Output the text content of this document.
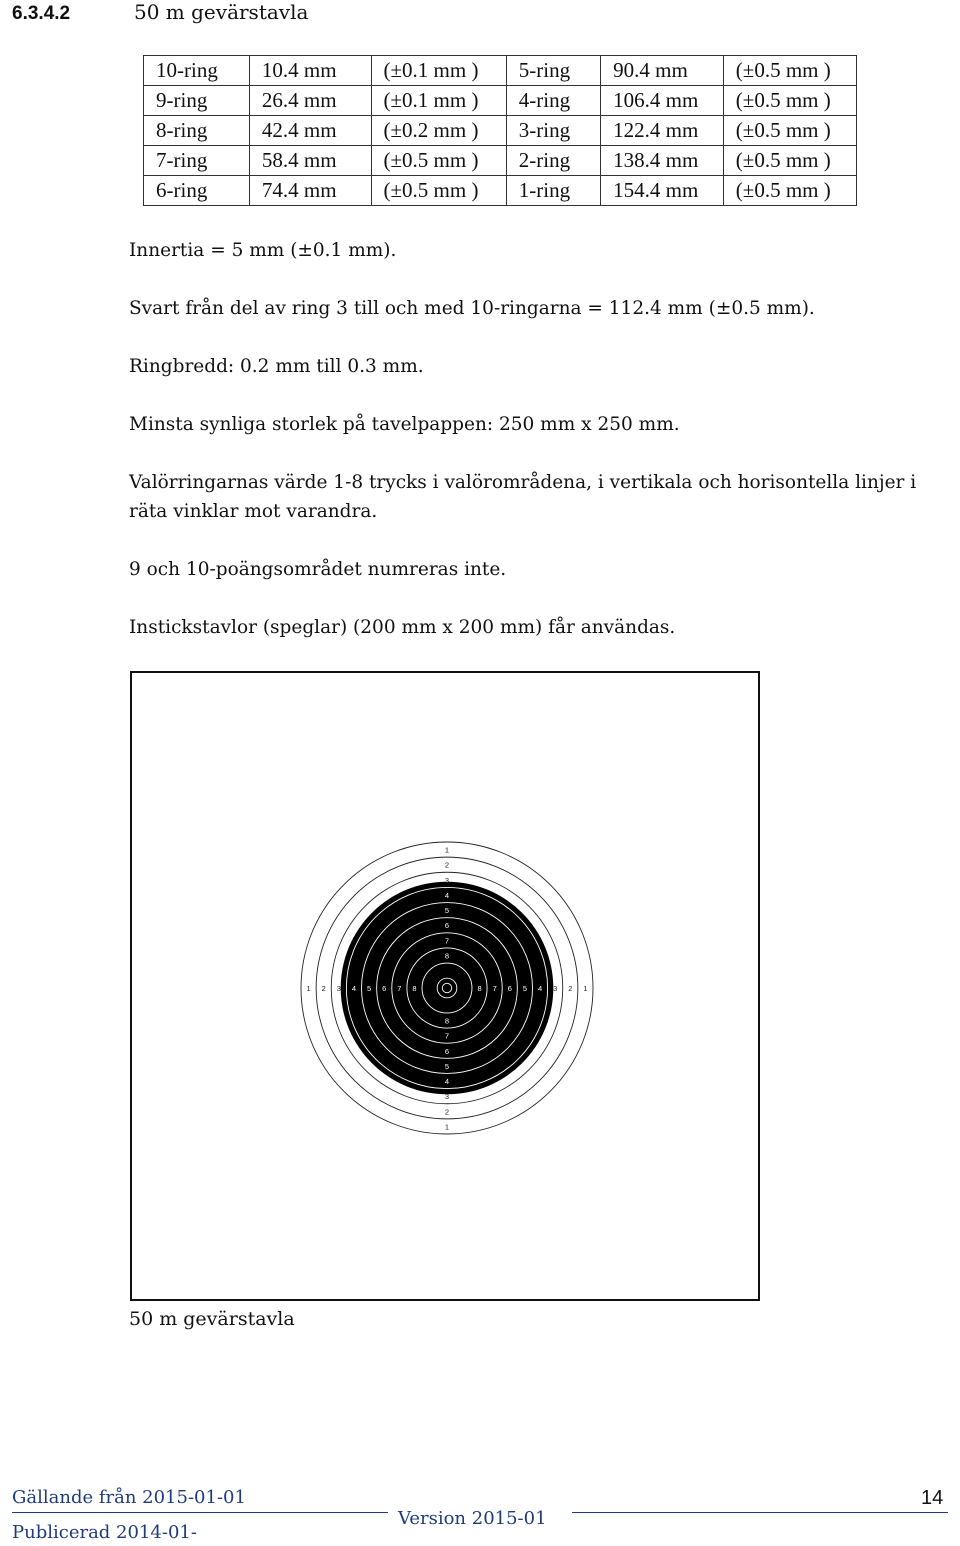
6.3.4.2	50 m gevärstavla
10-ring	10.4 mm	(±0.1 mm )	5-ring	90.4 mm	(±0.5 mm )
9-ring	26.4 mm	(±0.1 mm )	4-ring	106.4 mm	(±0.5 mm )
8-ring	42.4 mm	(±0.2 mm )	3-ring	122.4 mm	(±0.5 mm )
7-ring	58.4 mm	(±0.5 mm )	2-ring	138.4 mm	(±0.5 mm )
6-ring	74.4 mm	(±0.5 mm )	1-ring	154.4 mm	(±0.5 mm )

Innertia = 5 mm (±0.1 mm).

Svart från del av ring 3 till och med 10-ringarna = 112.4 mm (±0.5 mm).

Ringbredd: 0.2 mm till 0.3 mm.

Minsta synliga storlek på tavelpappen: 250 mm x 250 mm.

Valörringarnas värde 1-8 trycks i valörområdena, i vertikala och horisontella linjer i räta vinklar mot varandra.

9 och 10-poängsområdet numreras inte.

Instickstavlor (speglar) (200 mm x 200 mm) får användas.

1
1
1	1
2
2
2	2
3
3
3	3
4
4
4	4
5
5
5	5
6
6
6	6
7
7
7	7
8
8
8	8
50 m gevärstavla
Gällande från 2015-01-01
Version 2015-01
Publicerad 2014-01-
14
